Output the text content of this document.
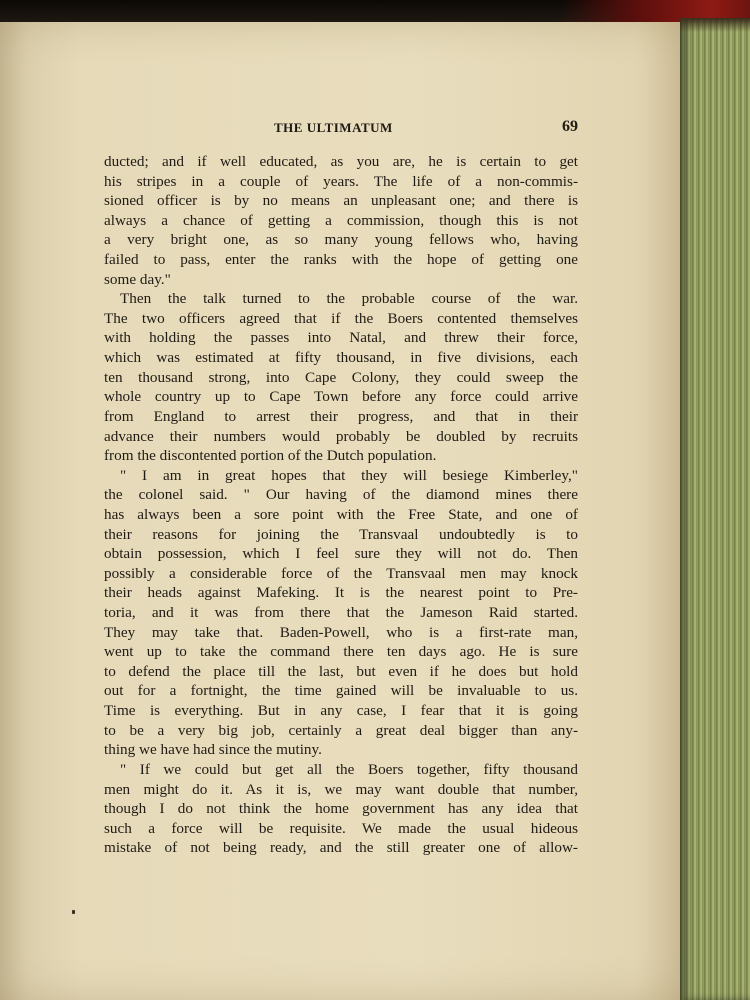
THE ULTIMATUM	69
ducted; and if well educated, as you are, he is certain to get
his stripes in a couple of years. The life of a non-commis-
sioned officer is by no means an unpleasant one; and there is
always a chance of getting a commission, though this is not
a very bright one, as so many young fellows who, having
failed to pass, enter the ranks with the hope of getting one
some day."
Then the talk turned to the probable course of the war.
The two officers agreed that if the Boers contented themselves
with holding the passes into Natal, and threw their force,
which was estimated at fifty thousand, in five divisions, each
ten thousand strong, into Cape Colony, they could sweep the
whole country up to Cape Town before any force could arrive
from England to arrest their progress, and that in their
advance their numbers would probably be doubled by recruits
from the discontented portion of the Dutch population.
" I am in great hopes that they will besiege Kimberley,"
the colonel said. " Our having of the diamond mines there
has always been a sore point with the Free State, and one of
their reasons for joining the Transvaal undoubtedly is to
obtain possession, which I feel sure they will not do. Then
possibly a considerable force of the Transvaal men may knock
their heads against Mafeking. It is the nearest point to Pre-
toria, and it was from there that the Jameson Raid started.
They may take that. Baden-Powell, who is a first-rate man,
went up to take the command there ten days ago. He is sure
to defend the place till the last, but even if he does but hold
out for a fortnight, the time gained will be invaluable to us.
Time is everything. But in any case, I fear that it is going
to be a very big job, certainly a great deal bigger than any-
thing we have had since the mutiny.
" If we could but get all the Boers together, fifty thousand
men might do it. As it is, we may want double that number,
though I do not think the home government has any idea that
such a force will be requisite. We made the usual hideous
mistake of not being ready, and the still greater one of allow-
